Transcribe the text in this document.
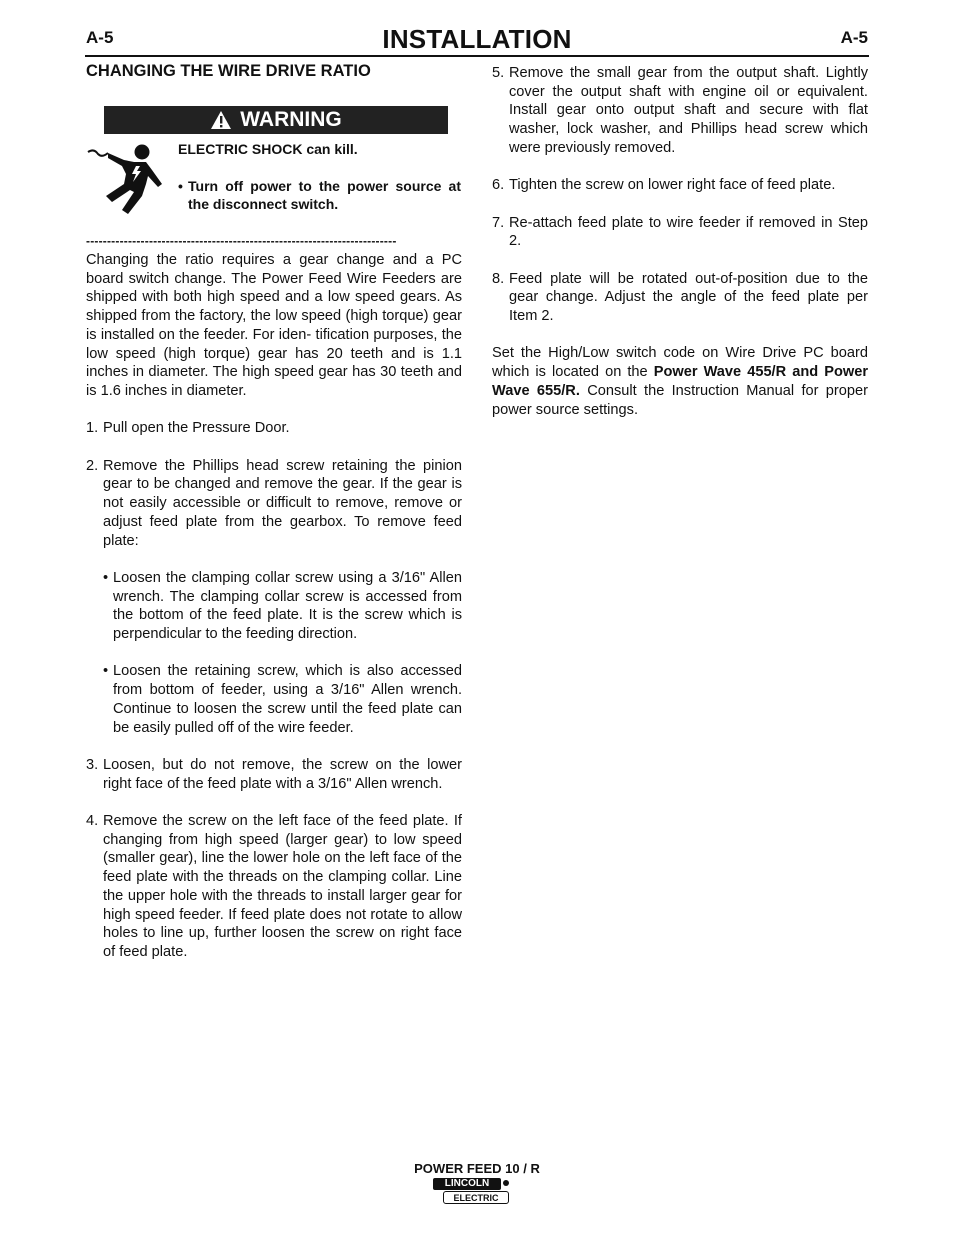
A-5	INSTALLATION	A-5
CHANGING THE WIRE DRIVE RATIO
WARNING
ELECTRIC SHOCK can kill.
• Turn off power to the power source at the disconnect switch.
--------------------------------------------------------------------------

Changing the ratio requires a gear change and a PC board switch change. The Power Feed Wire Feeders are shipped with both high speed and a low speed gears. As shipped from the factory, the low speed (high torque) gear is installed on the feeder. For iden- tification purposes, the low speed (high torque) gear has 20 teeth and is 1.1 inches in diameter. The high speed gear has 30 teeth and is 1.6 inches in diameter.

1. Pull open the Pressure Door.
2. Remove the Phillips head screw retaining the pinion gear to be changed and remove the gear. If the gear is not easily accessible or difficult to remove, remove or adjust feed plate from the gearbox. To remove feed plate:
• Loosen the clamping collar screw using a 3/16" Allen wrench. The clamping collar screw is accessed from the bottom of the feed plate. It is the screw which is perpendicular to the feeding direction.
• Loosen the retaining screw, which is also accessed from bottom of feeder, using a 3/16" Allen wrench. Continue to loosen the screw until the feed plate can be easily pulled off of the wire feeder.
3. Loosen, but do not remove, the screw on the lower right face of the feed plate with a 3/16" Allen wrench.
4. Remove the screw on the left face of the feed plate. If changing from high speed (larger gear) to low speed (smaller gear), line the lower hole on the left face of the feed plate with the threads on the clamping collar. Line the upper hole with the threads to install larger gear for high speed feeder. If feed plate does not rotate to allow holes to line up, further loosen the screw on right face of feed plate.
5. Remove the small gear from the output shaft. Lightly cover the output shaft with engine oil or equivalent. Install gear onto output shaft and secure with flat washer, lock washer, and Phillips head screw which were previously removed.
6. Tighten the screw on lower right face of feed plate.
7. Re-attach feed plate to wire feeder if removed in Step 2.
8. Feed plate will be rotated out-of-position due to the gear change. Adjust the angle of the feed plate per Item 2.

Set the High/Low switch code on Wire Drive PC board which is located on the Power Wave 455/R and Power Wave 655/R. Consult the Instruction Manual for proper power source settings.

POWER FEED 10 / R
LINCOLN
ELECTRIC
